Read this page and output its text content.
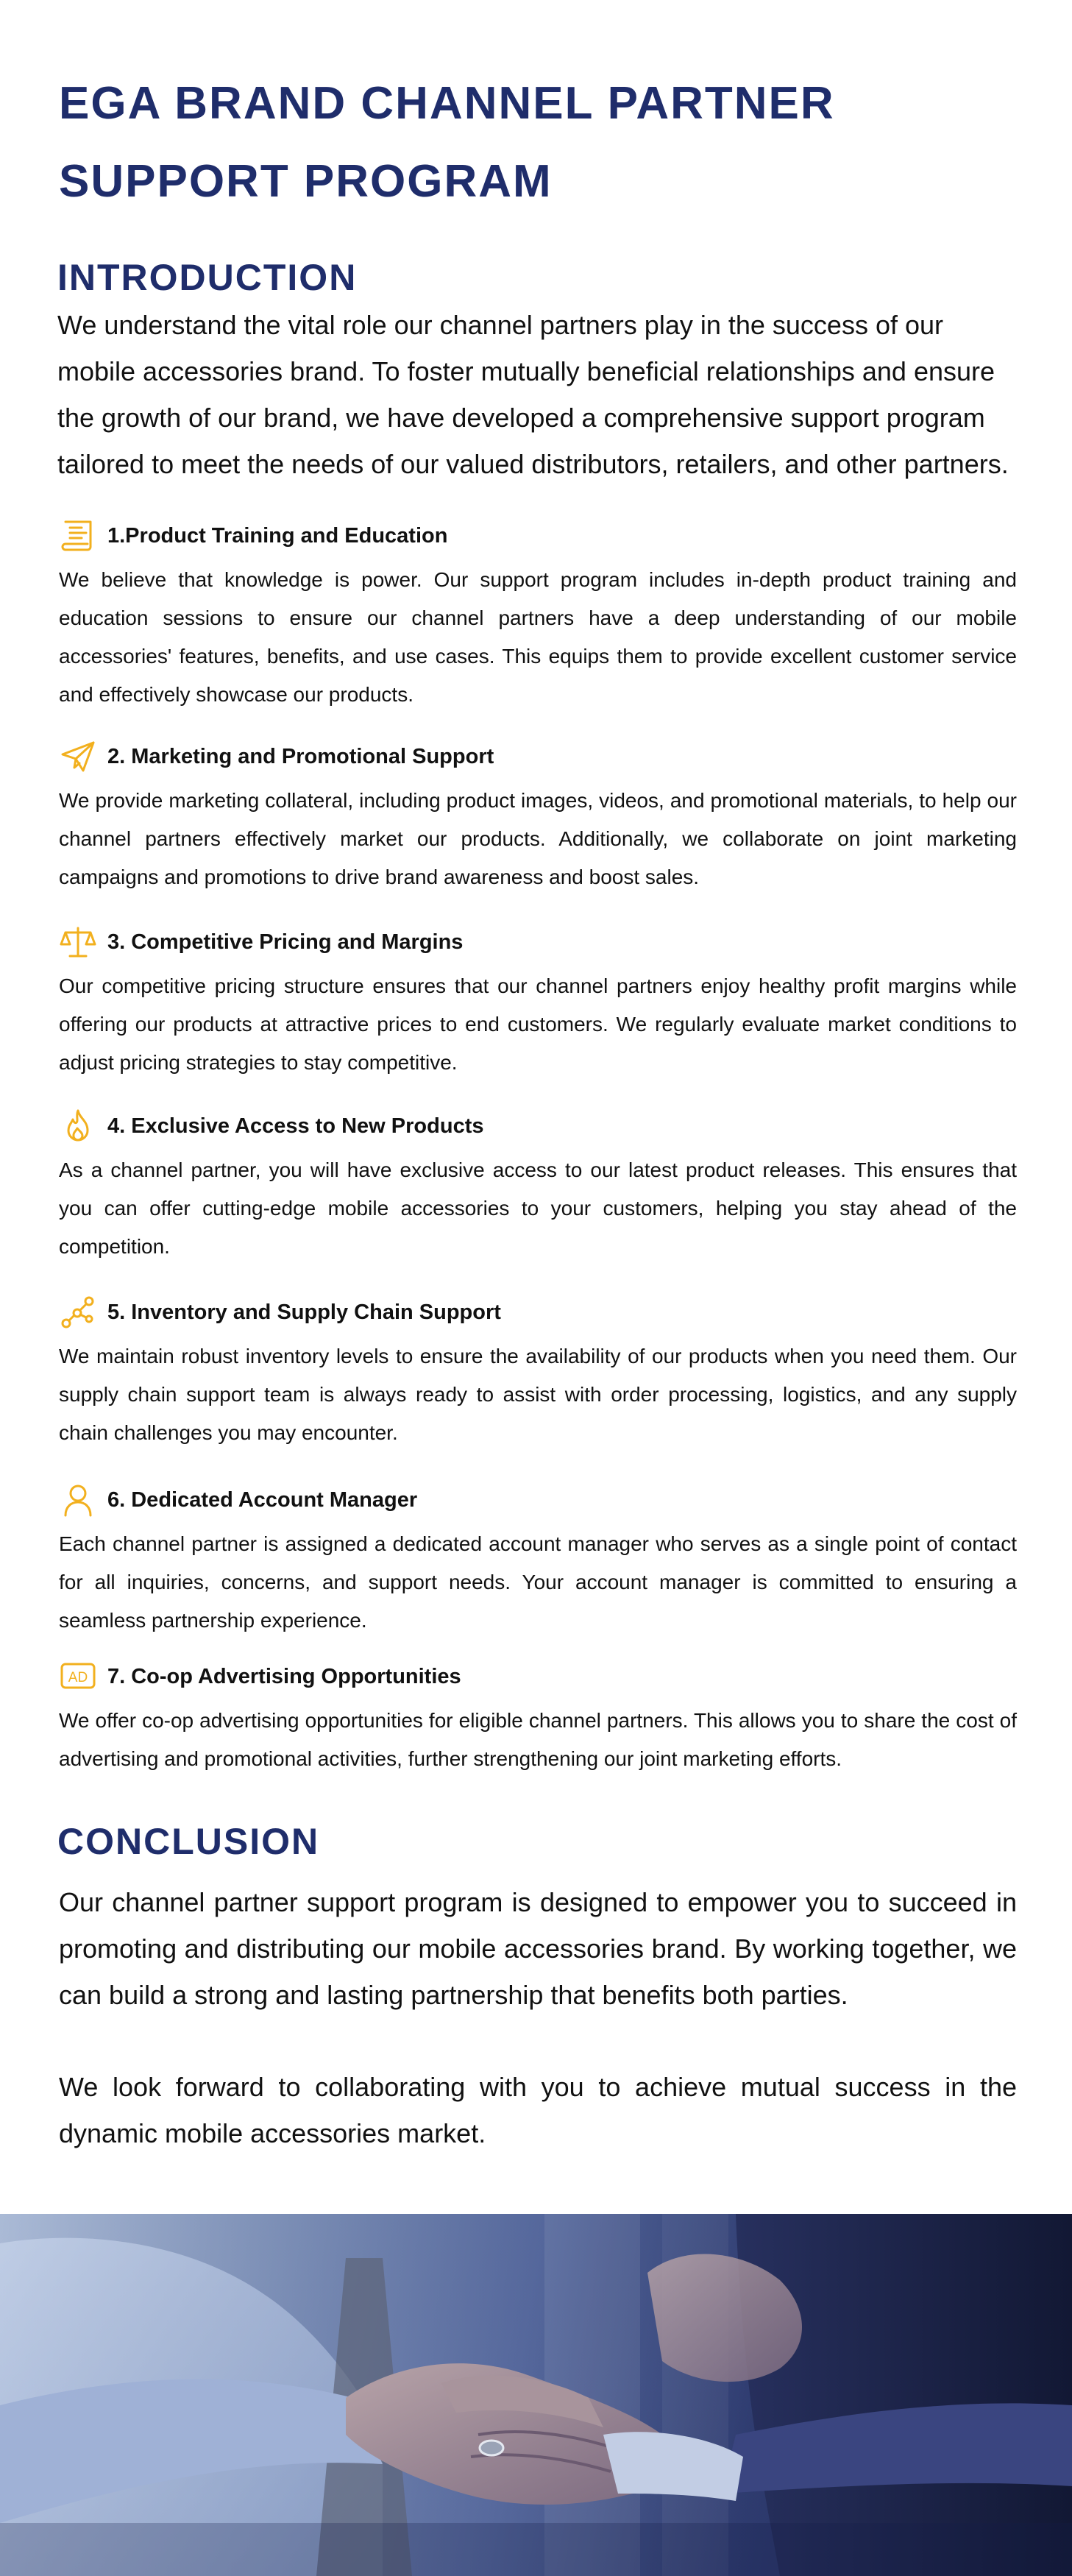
EGA BRAND CHANNEL PARTNER SUPPORT PROGRAM
INTRODUCTION

We understand the vital role our channel partners play in the success of our mobile accessories brand. To foster mutually beneficial relationships and ensure the growth of our brand, we have developed a comprehensive support program tailored to meet the needs of our valued distributors, retailers, and other partners.

1.Product Training and Education

We believe that knowledge is power. Our support program includes in-depth product training and education sessions to ensure our channel partners have a deep understanding of our mobile accessories' features, benefits, and use cases. This equips them to provide excellent customer service and effectively showcase our products.

2. Marketing and Promotional Support

We provide marketing collateral, including product images, videos, and promotional materials, to help our channel partners effectively market our products. Additionally, we collaborate on joint marketing campaigns and promotions to drive brand awareness and boost sales.

3. Competitive Pricing and Margins

Our competitive pricing structure ensures that our channel partners enjoy healthy profit margins while offering our products at attractive prices to end customers. We regularly evaluate market conditions to adjust pricing strategies to stay competitive.

4. Exclusive Access to New Products

As a channel partner, you will have exclusive access to our latest product releases. This ensures that you can offer cutting-edge mobile accessories to your customers, helping you stay ahead of the competition.

5. Inventory and Supply Chain Support

We maintain robust inventory levels to ensure the availability of our products when you need them. Our supply chain support team is always ready to assist with order processing, logistics, and any supply chain challenges you may encounter.

6. Dedicated Account Manager

Each channel partner is assigned a dedicated account manager who serves as a single point of contact for all inquiries, concerns, and support needs. Your account manager is committed to ensuring a seamless partnership experience.

AD 7. Co-op Advertising Opportunities

We offer co-op advertising opportunities for eligible channel partners. This allows you to share the cost of advertising and promotional activities, further strengthening our joint marketing efforts.

CONCLUSION

Our channel partner support program is designed to empower you to succeed in promoting and distributing our mobile accessories brand. By working together, we can build a strong and lasting partnership that benefits both parties.

We look forward to collaborating with you to achieve mutual success in the dynamic mobile accessories market.
